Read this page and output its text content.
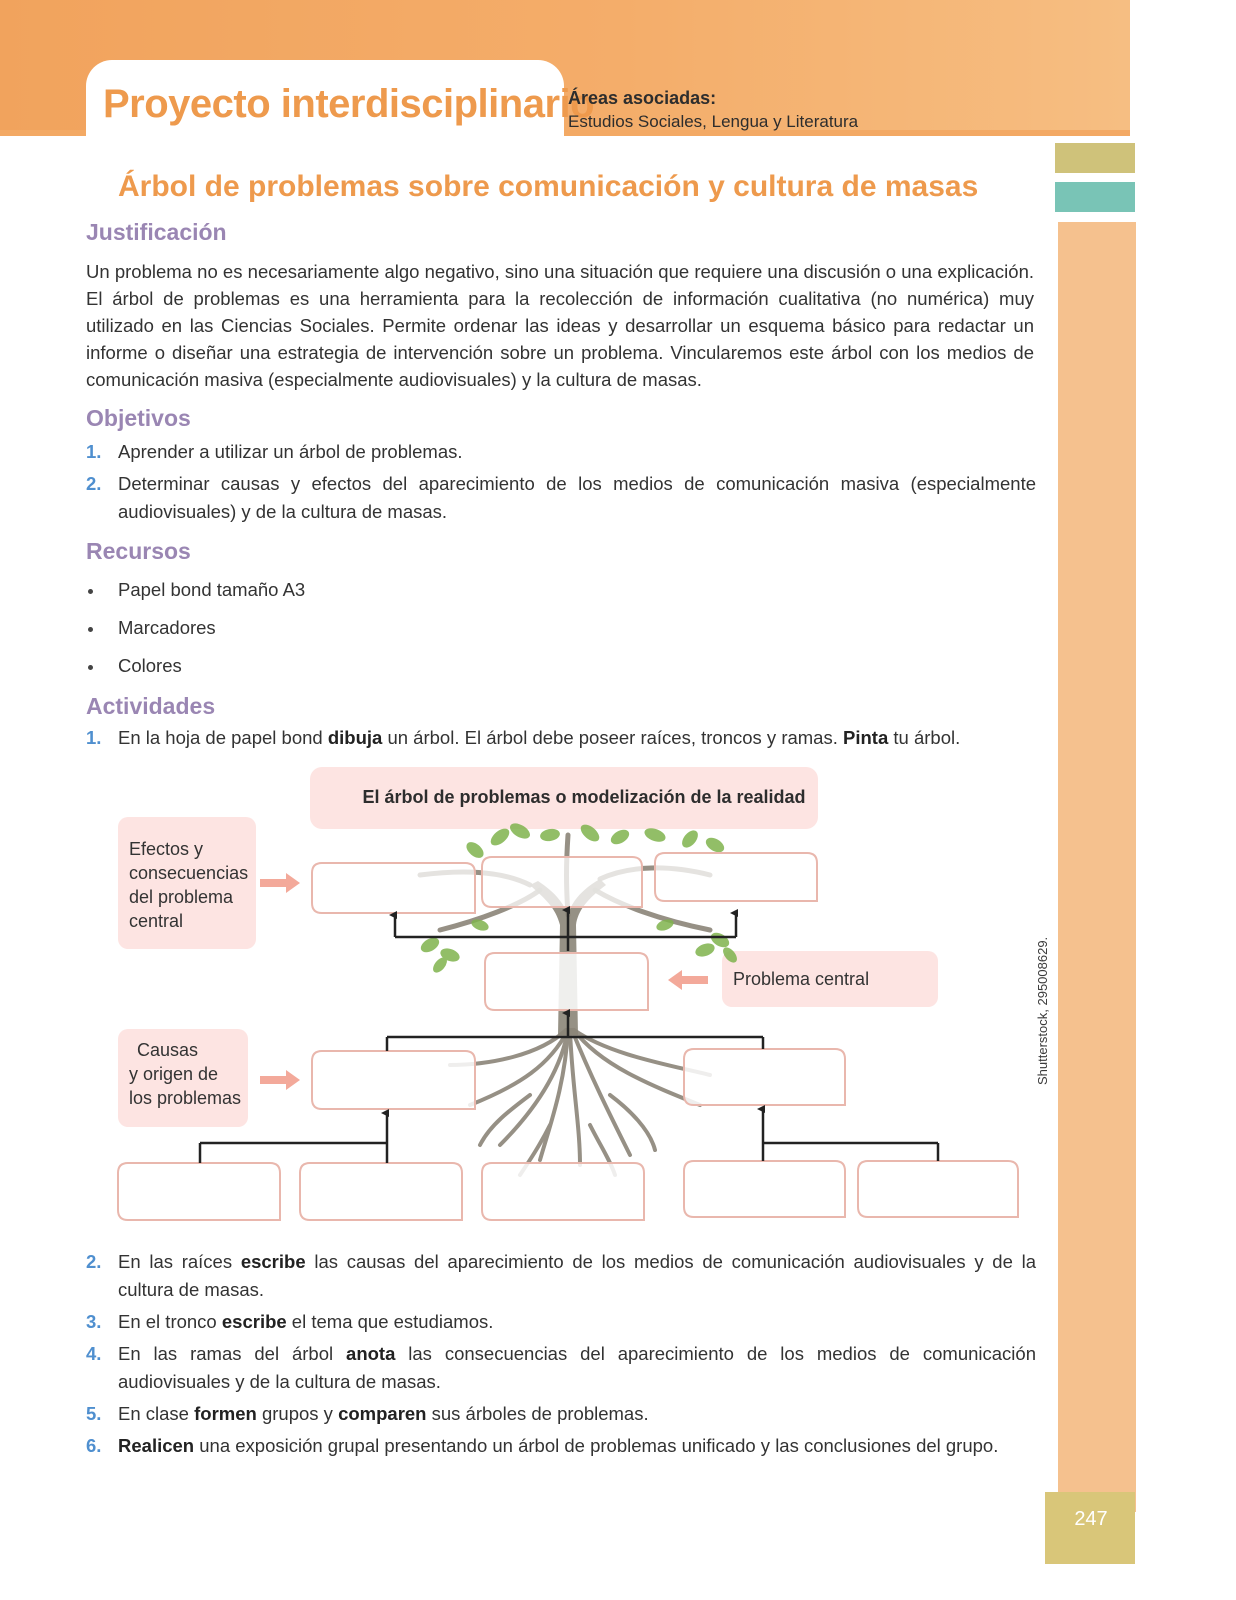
Proyecto interdisciplinario
Áreas asociadas:
Estudios Sociales, Lengua y Literatura
247
Shutterstock, 295008629.
Árbol de problemas sobre comunicación y cultura de masas
Justificación
Un problema no es necesariamente algo negativo, sino una situación que requiere una discusión o una explicación. El árbol de problemas es una herramienta para la recolección de información cualitativa (no numérica) muy utilizado en las Ciencias Sociales. Permite ordenar las ideas y desarrollar un esquema básico para redactar un informe o diseñar una estrategia de intervención sobre un problema. Vincularemos este árbol con los medios de comunicación masiva (especialmente audiovisuales) y la cultura de masas.
Objetivos
1. Aprender a utilizar un árbol de problemas.
2. Determinar causas y efectos del aparecimiento de los medios de comunicación masiva (especialmente audiovisuales) y de la cultura de masas.
Recursos
Papel bond tamaño A3
Marcadores
Colores
Actividades
1. En la hoja de papel bond dibuja un árbol. El árbol debe poseer raíces, troncos y ramas. Pinta tu árbol.
El árbol de problemas o modelización de la realidad
Efectos y
consecuencias
del problema
central
Problema central
Causas
y origen de
los problemas
2. En las raíces escribe las causas del aparecimiento de los medios de comunicación audiovisuales y de la cultura de masas.
3. En el tronco escribe el tema que estudiamos.
4. En las ramas del árbol anota las consecuencias del aparecimiento de los medios de comunicación audiovisuales y de la cultura de masas.
5. En clase formen grupos y comparen sus árboles de problemas.
6. Realicen una exposición grupal presentando un árbol de problemas unificado y las conclusiones del grupo.
